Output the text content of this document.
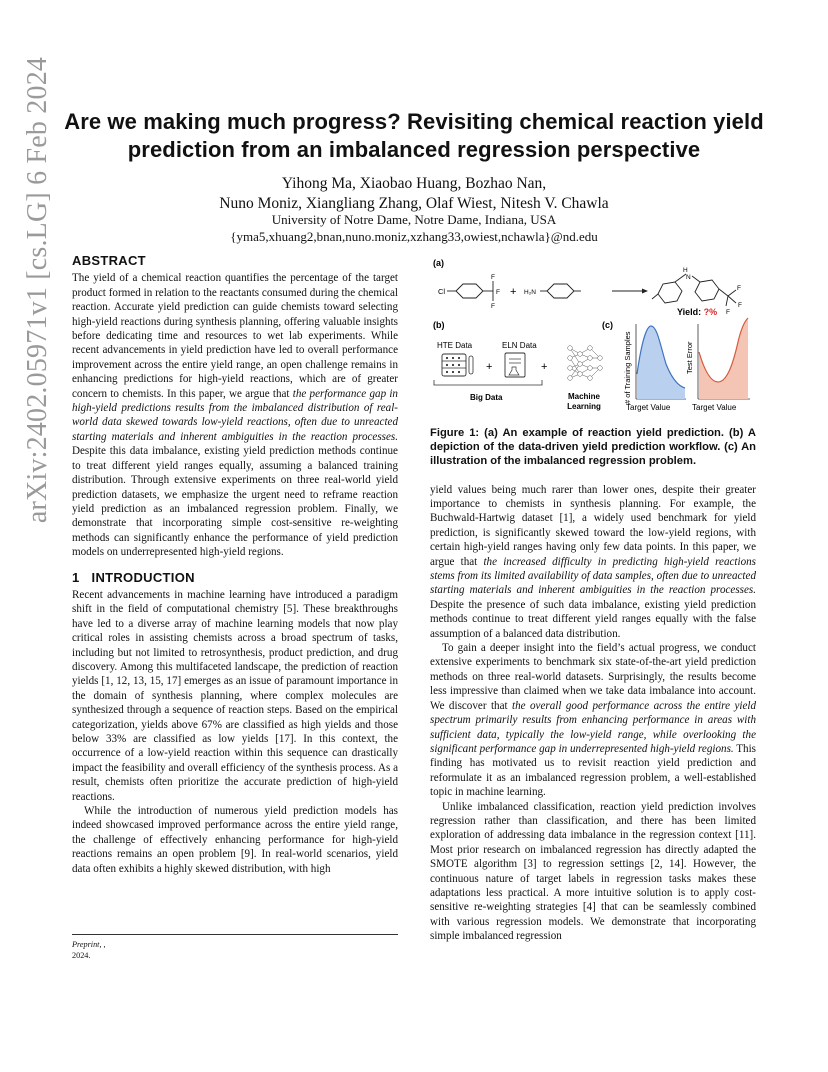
arXiv:2402.05971v1 [cs.LG] 6 Feb 2024 Are we making much progress? Revisiting chemical reaction yield prediction from an imbalanced regression perspective
Yihong Ma, Xiaobao Huang, Bozhao Nan,
Nuno Moniz, Xiangliang Zhang, Olaf Wiest, Nitesh V. Chawla
University of Notre Dame, Notre Dame, Indiana, USA
{yma5,xhuang2,bnan,nuno.moniz,xzhang33,owiest,nchawla}@nd.edu
ABSTRACT

The yield of a chemical reaction quantifies the percentage of the target product formed in relation to the reactants consumed during the chemical reaction. Accurate yield prediction can guide chemists toward selecting high-yield reactions during synthesis planning, offering valuable insights before dedicating time and resources to wet lab experiments. While recent advancements in yield prediction have led to overall performance improvement across the entire yield range, an open challenge remains in enhancing predictions for high-yield reactions, which are of greater concern to chemists. In this paper, we argue that the performance gap in high-yield predictions results from the imbalanced distribution of real-world data skewed towards low-yield reactions, often due to unreacted starting materials and inherent ambiguities in the reaction processes. Despite this data imbalance, existing yield prediction methods continue to treat different yield ranges equally, assuming a balanced training distribution. Through extensive experiments on three real-world yield prediction datasets, we emphasize the urgent need to reframe reaction yield prediction as an imbalanced regression problem. Finally, we demonstrate that incorporating simple cost-sensitive re-weighting methods can significantly enhance the performance of yield prediction models on underrepresented high-yield regions.

1 INTRODUCTION

Recent advancements in machine learning have introduced a paradigm shift in the field of computational chemistry [5]. These breakthroughs have led to a diverse array of machine learning models that now play critical roles in assisting chemists across a broad spectrum of tasks, including but not limited to retrosynthesis, product prediction, and drug discovery. Among this multifaceted landscape, the prediction of reaction yields [1, 12, 13, 15, 17] emerges as an issue of paramount importance in the domain of synthesis planning, where complex molecules are synthesized through a sequence of reaction steps. Based on the empirical categorization, yields above 67% are classified as high yields and those below 33% are classified as low yields [17]. In this context, the occurrence of a low-yield reaction within this sequence can drastically impact the feasibility and overall efficiency of the synthesis process. As a result, chemists often prioritize the accurate prediction of high-yield reactions.

While the introduction of numerous yield prediction models has indeed showcased improved performance across the entire yield range, the challenge of effectively enhancing performance for high-yield reactions remains an open problem [9]. In real-world scenarios, yield data often exhibits a highly skewed distribution, with high

(a)
Cl
F
F
F
+ H₂N
H
N
F
F
F
Yield: ?%
(b)
HTE Data	ELN Data
+	+
Big Data	Machine
Learning
(c)
# of Training Samples
Target Value
Test Error
Target Value
Figure 1: (a) An example of reaction yield prediction. (b) A depiction of the data-driven yield prediction workflow. (c) An illustration of the imbalanced regression problem.

yield values being much rarer than lower ones, despite their greater importance to chemists in synthesis planning. For example, the Buchwald-Hartwig dataset [1], a widely used benchmark for yield prediction, is significantly skewed toward the low-yield regions, with certain high-yield ranges having only few data points. In this paper, we argue that the increased difficulty in predicting high-yield reactions stems from its limited availability of data samples, often due to unreacted starting materials and inherent ambiguities in the reaction processes. Despite the presence of such data imbalance, existing yield prediction methods continue to treat different yield ranges equally with the false assumption of a balanced data distribution.

To gain a deeper insight into the field’s actual progress, we conduct extensive experiments to benchmark six state-of-the-art yield prediction methods on three real-world datasets. Surprisingly, the results become less impressive than claimed when we take data imbalance into account. We discover that the overall good performance across the entire yield spectrum primarily results from enhancing performance in areas with sufficient data, typically the low-yield range, while overlooking the significant performance gap in underrepresented high-yield regions. This finding has motivated us to revisit reaction yield prediction and reformulate it as an imbalanced regression problem, a well-established topic in machine learning.

Unlike imbalanced classification, reaction yield prediction involves regression rather than classification, and there has been limited exploration of addressing data imbalance in the regression context [11]. Most prior research on imbalanced regression has directly adapted the SMOTE algorithm [3] to regression settings [2, 14]. However, the continuous nature of target labels in regression tasks makes these adaptations less practical. A more intuitive solution is to apply cost-sensitive re-weighting strategies [4] that can be seamlessly combined with various regression models. We demonstrate that incorporating simple imbalanced regression

Preprint, ,
2024.
